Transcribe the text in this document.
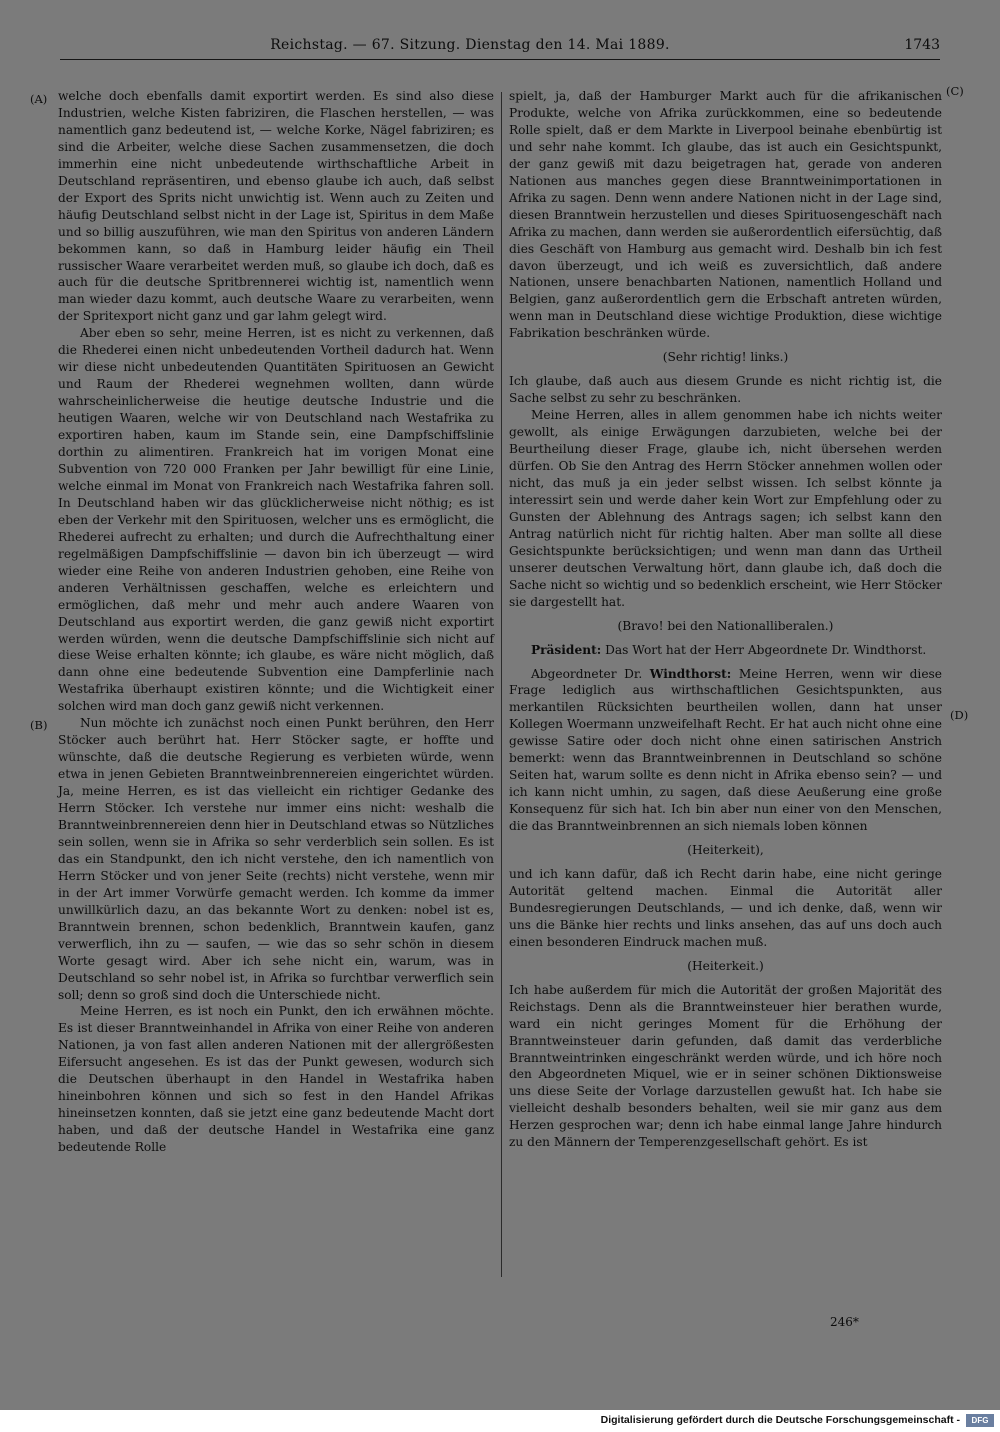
Reichstag. — 67. Sitzung. Dienstag den 14. Mai 1889.	1743
(A)
(B)
(C)
(D)

welche doch ebenfalls damit exportirt werden. Es sind also diese Industrien, welche Kisten fabriziren, die Flaschen herstellen, — was namentlich ganz bedeutend ist, — welche Korke, Nägel fabriziren; es sind die Arbeiter, welche diese Sachen zusammensetzen, die doch immerhin eine nicht unbedeutende wirthschaftliche Arbeit in Deutschland repräsentiren, und ebenso glaube ich auch, daß selbst der Export des Sprits nicht unwichtig ist. Wenn auch zu Zeiten und häufig Deutschland selbst nicht in der Lage ist, Spiritus in dem Maße und so billig auszuführen, wie man den Spiritus von anderen Ländern bekommen kann, so daß in Hamburg leider häufig ein Theil russischer Waare verarbeitet werden muß, so glaube ich doch, daß es auch für die deutsche Spritbrennerei wichtig ist, namentlich wenn man wieder dazu kommt, auch deutsche Waare zu verarbeiten, wenn der Spritexport nicht ganz und gar lahm gelegt wird.

Aber eben so sehr, meine Herren, ist es nicht zu verkennen, daß die Rhederei einen nicht unbedeutenden Vortheil dadurch hat. Wenn wir diese nicht unbedeutenden Quantitäten Spirituosen an Gewicht und Raum der Rhederei wegnehmen wollten, dann würde wahrscheinlicherweise die heutige deutsche Industrie und die heutigen Waaren, welche wir von Deutschland nach Westafrika zu exportiren haben, kaum im Stande sein, eine Dampfschiffslinie dorthin zu alimentiren. Frankreich hat im vorigen Monat eine Subvention von 720 000 Franken per Jahr bewilligt für eine Linie, welche einmal im Monat von Frankreich nach Westafrika fahren soll. In Deutschland haben wir das glücklicherweise nicht nöthig; es ist eben der Verkehr mit den Spirituosen, welcher uns es ermöglicht, die Rhederei aufrecht zu erhalten; und durch die Aufrechthaltung einer regelmäßigen Dampfschiffslinie — davon bin ich überzeugt — wird wieder eine Reihe von anderen Industrien gehoben, eine Reihe von anderen Verhältnissen geschaffen, welche es erleichtern und ermöglichen, daß mehr und mehr auch andere Waaren von Deutschland aus exportirt werden, die ganz gewiß nicht exportirt werden würden, wenn die deutsche Dampfschiffslinie sich nicht auf diese Weise erhalten könnte; ich glaube, es wäre nicht möglich, daß dann ohne eine bedeutende Subvention eine Dampferlinie nach Westafrika überhaupt existiren könnte; und die Wichtigkeit einer solchen wird man doch ganz gewiß nicht verkennen.

Nun möchte ich zunächst noch einen Punkt berühren, den Herr Stöcker auch berührt hat. Herr Stöcker sagte, er hoffte und wünschte, daß die deutsche Regierung es verbieten würde, wenn etwa in jenen Gebieten Branntweinbrennereien eingerichtet würden. Ja, meine Herren, es ist das vielleicht ein richtiger Gedanke des Herrn Stöcker. Ich verstehe nur immer eins nicht: weshalb die Branntweinbrennereien denn hier in Deutschland etwas so Nützliches sein sollen, wenn sie in Afrika so sehr verderblich sein sollen. Es ist das ein Standpunkt, den ich nicht verstehe, den ich namentlich von Herrn Stöcker und von jener Seite (rechts) nicht verstehe, wenn mir in der Art immer Vorwürfe gemacht werden. Ich komme da immer unwillkürlich dazu, an das bekannte Wort zu denken: nobel ist es, Branntwein brennen, schon bedenklich, Branntwein kaufen, ganz verwerflich, ihn zu — saufen, — wie das so sehr schön in diesem Worte gesagt wird. Aber ich sehe nicht ein, warum, was in Deutschland so sehr nobel ist, in Afrika so furchtbar verwerflich sein soll; denn so groß sind doch die Unterschiede nicht.

Meine Herren, es ist noch ein Punkt, den ich erwähnen möchte. Es ist dieser Branntweinhandel in Afrika von einer Reihe von anderen Nationen, ja von fast allen anderen Nationen mit der allergrößesten Eifersucht angesehen. Es ist das der Punkt gewesen, wodurch sich die Deutschen überhaupt in den Handel in Westafrika haben hineinbohren können und sich so fest in den Handel Afrikas hineinsetzen konnten, daß sie jetzt eine ganz bedeutende Macht dort haben, und daß der deutsche Handel in Westafrika eine ganz bedeutende Rolle

spielt, ja, daß der Hamburger Markt auch für die afrikanischen Produkte, welche von Afrika zurückkommen, eine so bedeutende Rolle spielt, daß er dem Markte in Liverpool beinahe ebenbürtig ist und sehr nahe kommt. Ich glaube, das ist auch ein Gesichtspunkt, der ganz gewiß mit dazu beigetragen hat, gerade von anderen Nationen aus manches gegen diese Branntweinimportationen in Afrika zu sagen. Denn wenn andere Nationen nicht in der Lage sind, diesen Branntwein herzustellen und dieses Spirituosengeschäft nach Afrika zu machen, dann werden sie außerordentlich eifersüchtig, daß dies Geschäft von Hamburg aus gemacht wird. Deshalb bin ich fest davon überzeugt, und ich weiß es zuversichtlich, daß andere Nationen, unsere benachbarten Nationen, namentlich Holland und Belgien, ganz außerordentlich gern die Erbschaft antreten würden, wenn man in Deutschland diese wichtige Produktion, diese wichtige Fabrikation beschränken würde.

(Sehr richtig! links.)

Ich glaube, daß auch aus diesem Grunde es nicht richtig ist, die Sache selbst zu sehr zu beschränken.

Meine Herren, alles in allem genommen habe ich nichts weiter gewollt, als einige Erwägungen darzubieten, welche bei der Beurtheilung dieser Frage, glaube ich, nicht übersehen werden dürfen. Ob Sie den Antrag des Herrn Stöcker annehmen wollen oder nicht, das muß ja ein jeder selbst wissen. Ich selbst könnte ja interessirt sein und werde daher kein Wort zur Empfehlung oder zu Gunsten der Ablehnung des Antrags sagen; ich selbst kann den Antrag natürlich nicht für richtig halten. Aber man sollte all diese Gesichtspunkte berücksichtigen; und wenn man dann das Urtheil unserer deutschen Verwaltung hört, dann glaube ich, daß doch die Sache nicht so wichtig und so bedenklich erscheint, wie Herr Stöcker sie dargestellt hat.

(Bravo! bei den Nationalliberalen.)

Präsident: Das Wort hat der Herr Abgeordnete Dr. Windthorst.

Abgeordneter Dr. Windthorst: Meine Herren, wenn wir diese Frage lediglich aus wirthschaftlichen Gesichtspunkten, aus merkantilen Rücksichten beurtheilen wollen, dann hat unser Kollegen Woermann unzweifelhaft Recht. Er hat auch nicht ohne eine gewisse Satire oder doch nicht ohne einen satirischen Anstrich bemerkt: wenn das Branntweinbrennen in Deutschland so schöne Seiten hat, warum sollte es denn nicht in Afrika ebenso sein? — und ich kann nicht umhin, zu sagen, daß diese Aeußerung eine große Konsequenz für sich hat. Ich bin aber nun einer von den Menschen, die das Branntweinbrennen an sich niemals loben können

(Heiterkeit),

und ich kann dafür, daß ich Recht darin habe, eine nicht geringe Autorität geltend machen. Einmal die Autorität aller Bundesregierungen Deutschlands, — und ich denke, daß, wenn wir uns die Bänke hier rechts und links ansehen, das auf uns doch auch einen besonderen Eindruck machen muß.

(Heiterkeit.)

Ich habe außerdem für mich die Autorität der großen Majorität des Reichstags. Denn als die Branntweinsteuer hier berathen wurde, ward ein nicht geringes Moment für die Erhöhung der Branntweinsteuer darin gefunden, daß damit das verderbliche Branntweintrinken eingeschränkt werden würde, und ich höre noch den Abgeordneten Miquel, wie er in seiner schönen Diktionsweise uns diese Seite der Vorlage darzustellen gewußt hat. Ich habe sie vielleicht deshalb besonders behalten, weil sie mir ganz aus dem Herzen gesprochen war; denn ich habe einmal lange Jahre hindurch zu den Männern der Temperenzgesellschaft gehört. Es ist

246*
Digitalisierung gefördert durch die Deutsche Forschungsgemeinschaft -	DFG
